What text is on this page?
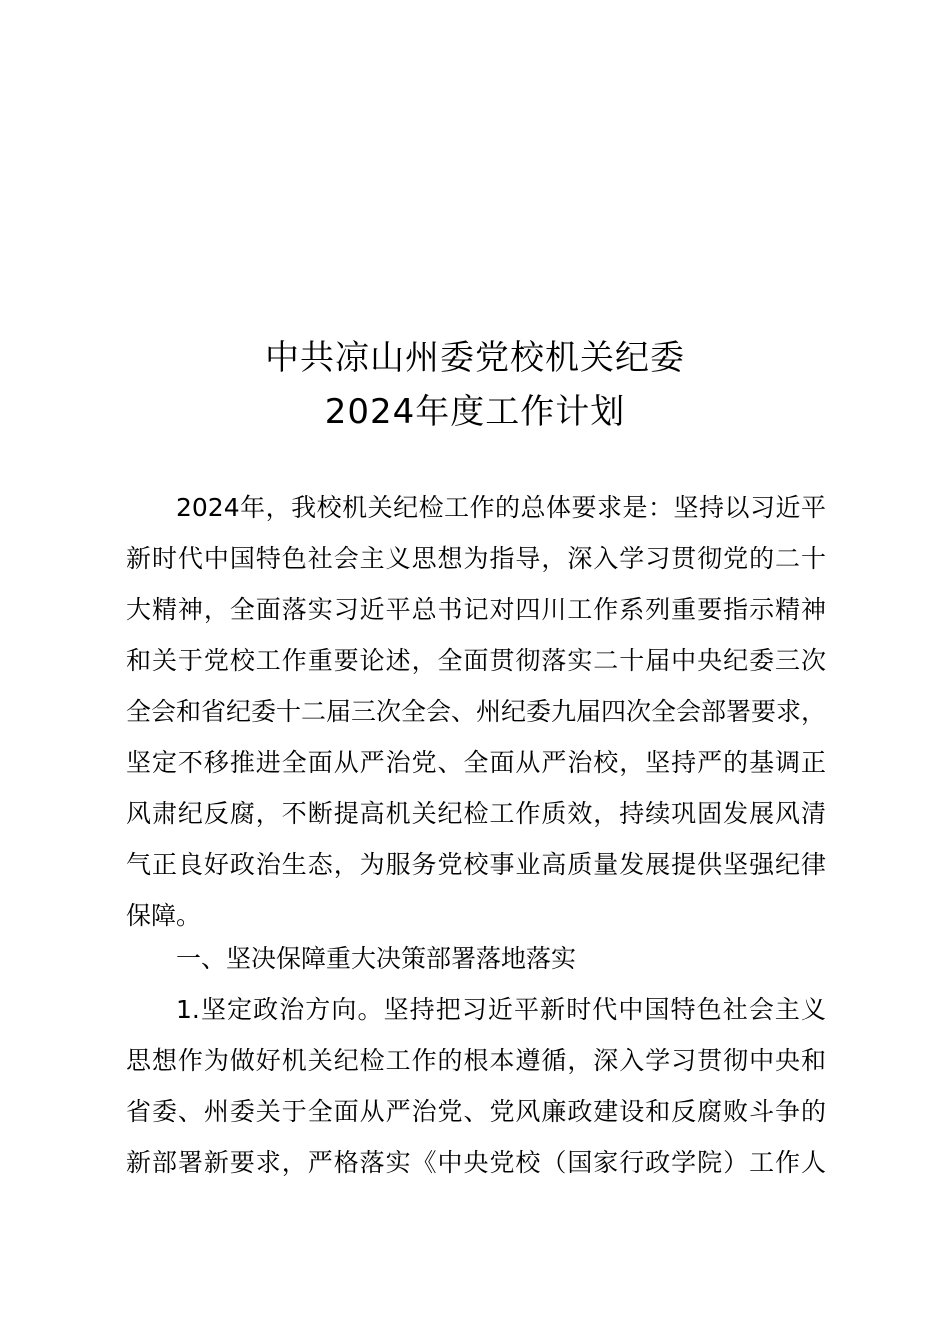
中共凉山州委党校机关纪委
2024年度工作计划
2024年，我校机关纪检工作的总体要求是：坚持以习近平
新时代中国特色社会主义思想为指导，深入学习贯彻党的二十
大精神，全面落实习近平总书记对四川工作系列重要指示精神
和关于党校工作重要论述，全面贯彻落实二十届中央纪委三次
全会和省纪委十二届三次全会、州纪委九届四次全会部署要求，
坚定不移推进全面从严治党、全面从严治校，坚持严的基调正
风肃纪反腐，不断提高机关纪检工作质效，持续巩固发展风清
气正良好政治生态，为服务党校事业高质量发展提供坚强纪律
保障。
一、坚决保障重大决策部署落地落实
1.坚定政治方向。坚持把习近平新时代中国特色社会主义
思想作为做好机关纪检工作的根本遵循，深入学习贯彻中央和
省委、州委关于全面从严治党、党风廉政建设和反腐败斗争的
新部署新要求，严格落实《中央党校（国家行政学院）工作人
